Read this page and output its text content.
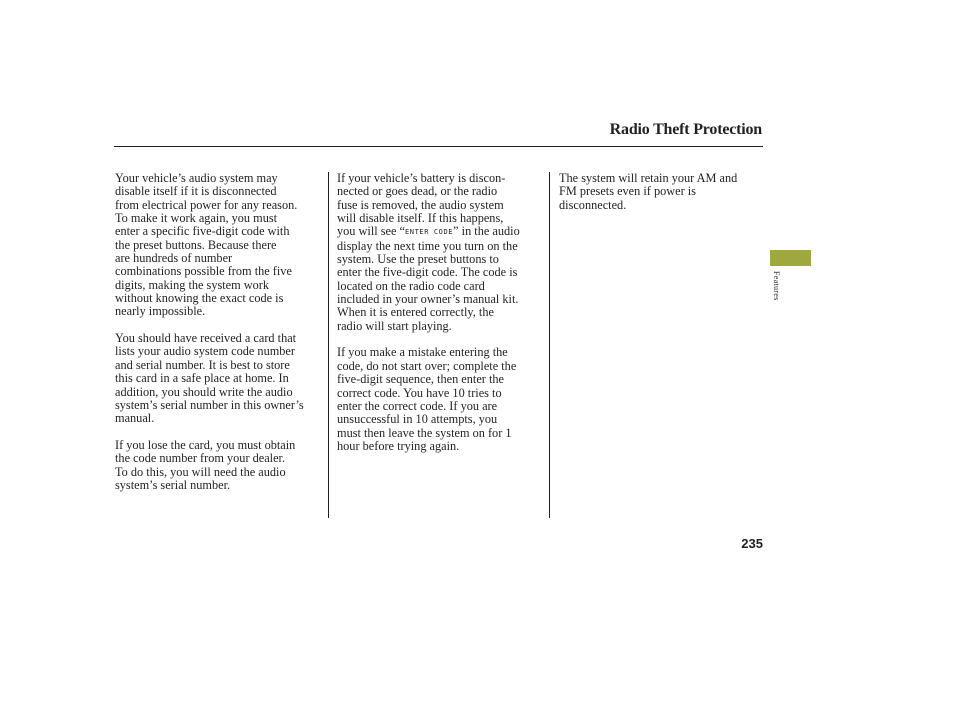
Radio Theft Protection

Your vehicle’s audio system may
disable itself if it is disconnected
from electrical power for any reason.
To make it work again, you must
enter a specific five-digit code with
the preset buttons. Because there
are hundreds of number
combinations possible from the five
digits, making the system work
without knowing the exact code is
nearly impossible.

You should have received a card that
lists your audio system code number
and serial number. It is best to store
this card in a safe place at home. In
addition, you should write the audio
system’s serial number in this owner’s
manual.

If you lose the card, you must obtain
the code number from your dealer.
To do this, you will need the audio
system’s serial number.

If your vehicle’s battery is discon-
nected or goes dead, or the radio
fuse is removed, the audio system
will disable itself. If this happens,
you will see “ENTER CODE” in the audio
display the next time you turn on the
system. Use the preset buttons to
enter the five-digit code. The code is
located on the radio code card
included in your owner’s manual kit.
When it is entered correctly, the
radio will start playing.

If you make a mistake entering the
code, do not start over; complete the
five-digit sequence, then enter the
correct code. You have 10 tries to
enter the correct code. If you are
unsuccessful in 10 attempts, you
must then leave the system on for 1
hour before trying again.

The system will retain your AM and
FM presets even if power is
disconnected.

Features
235
